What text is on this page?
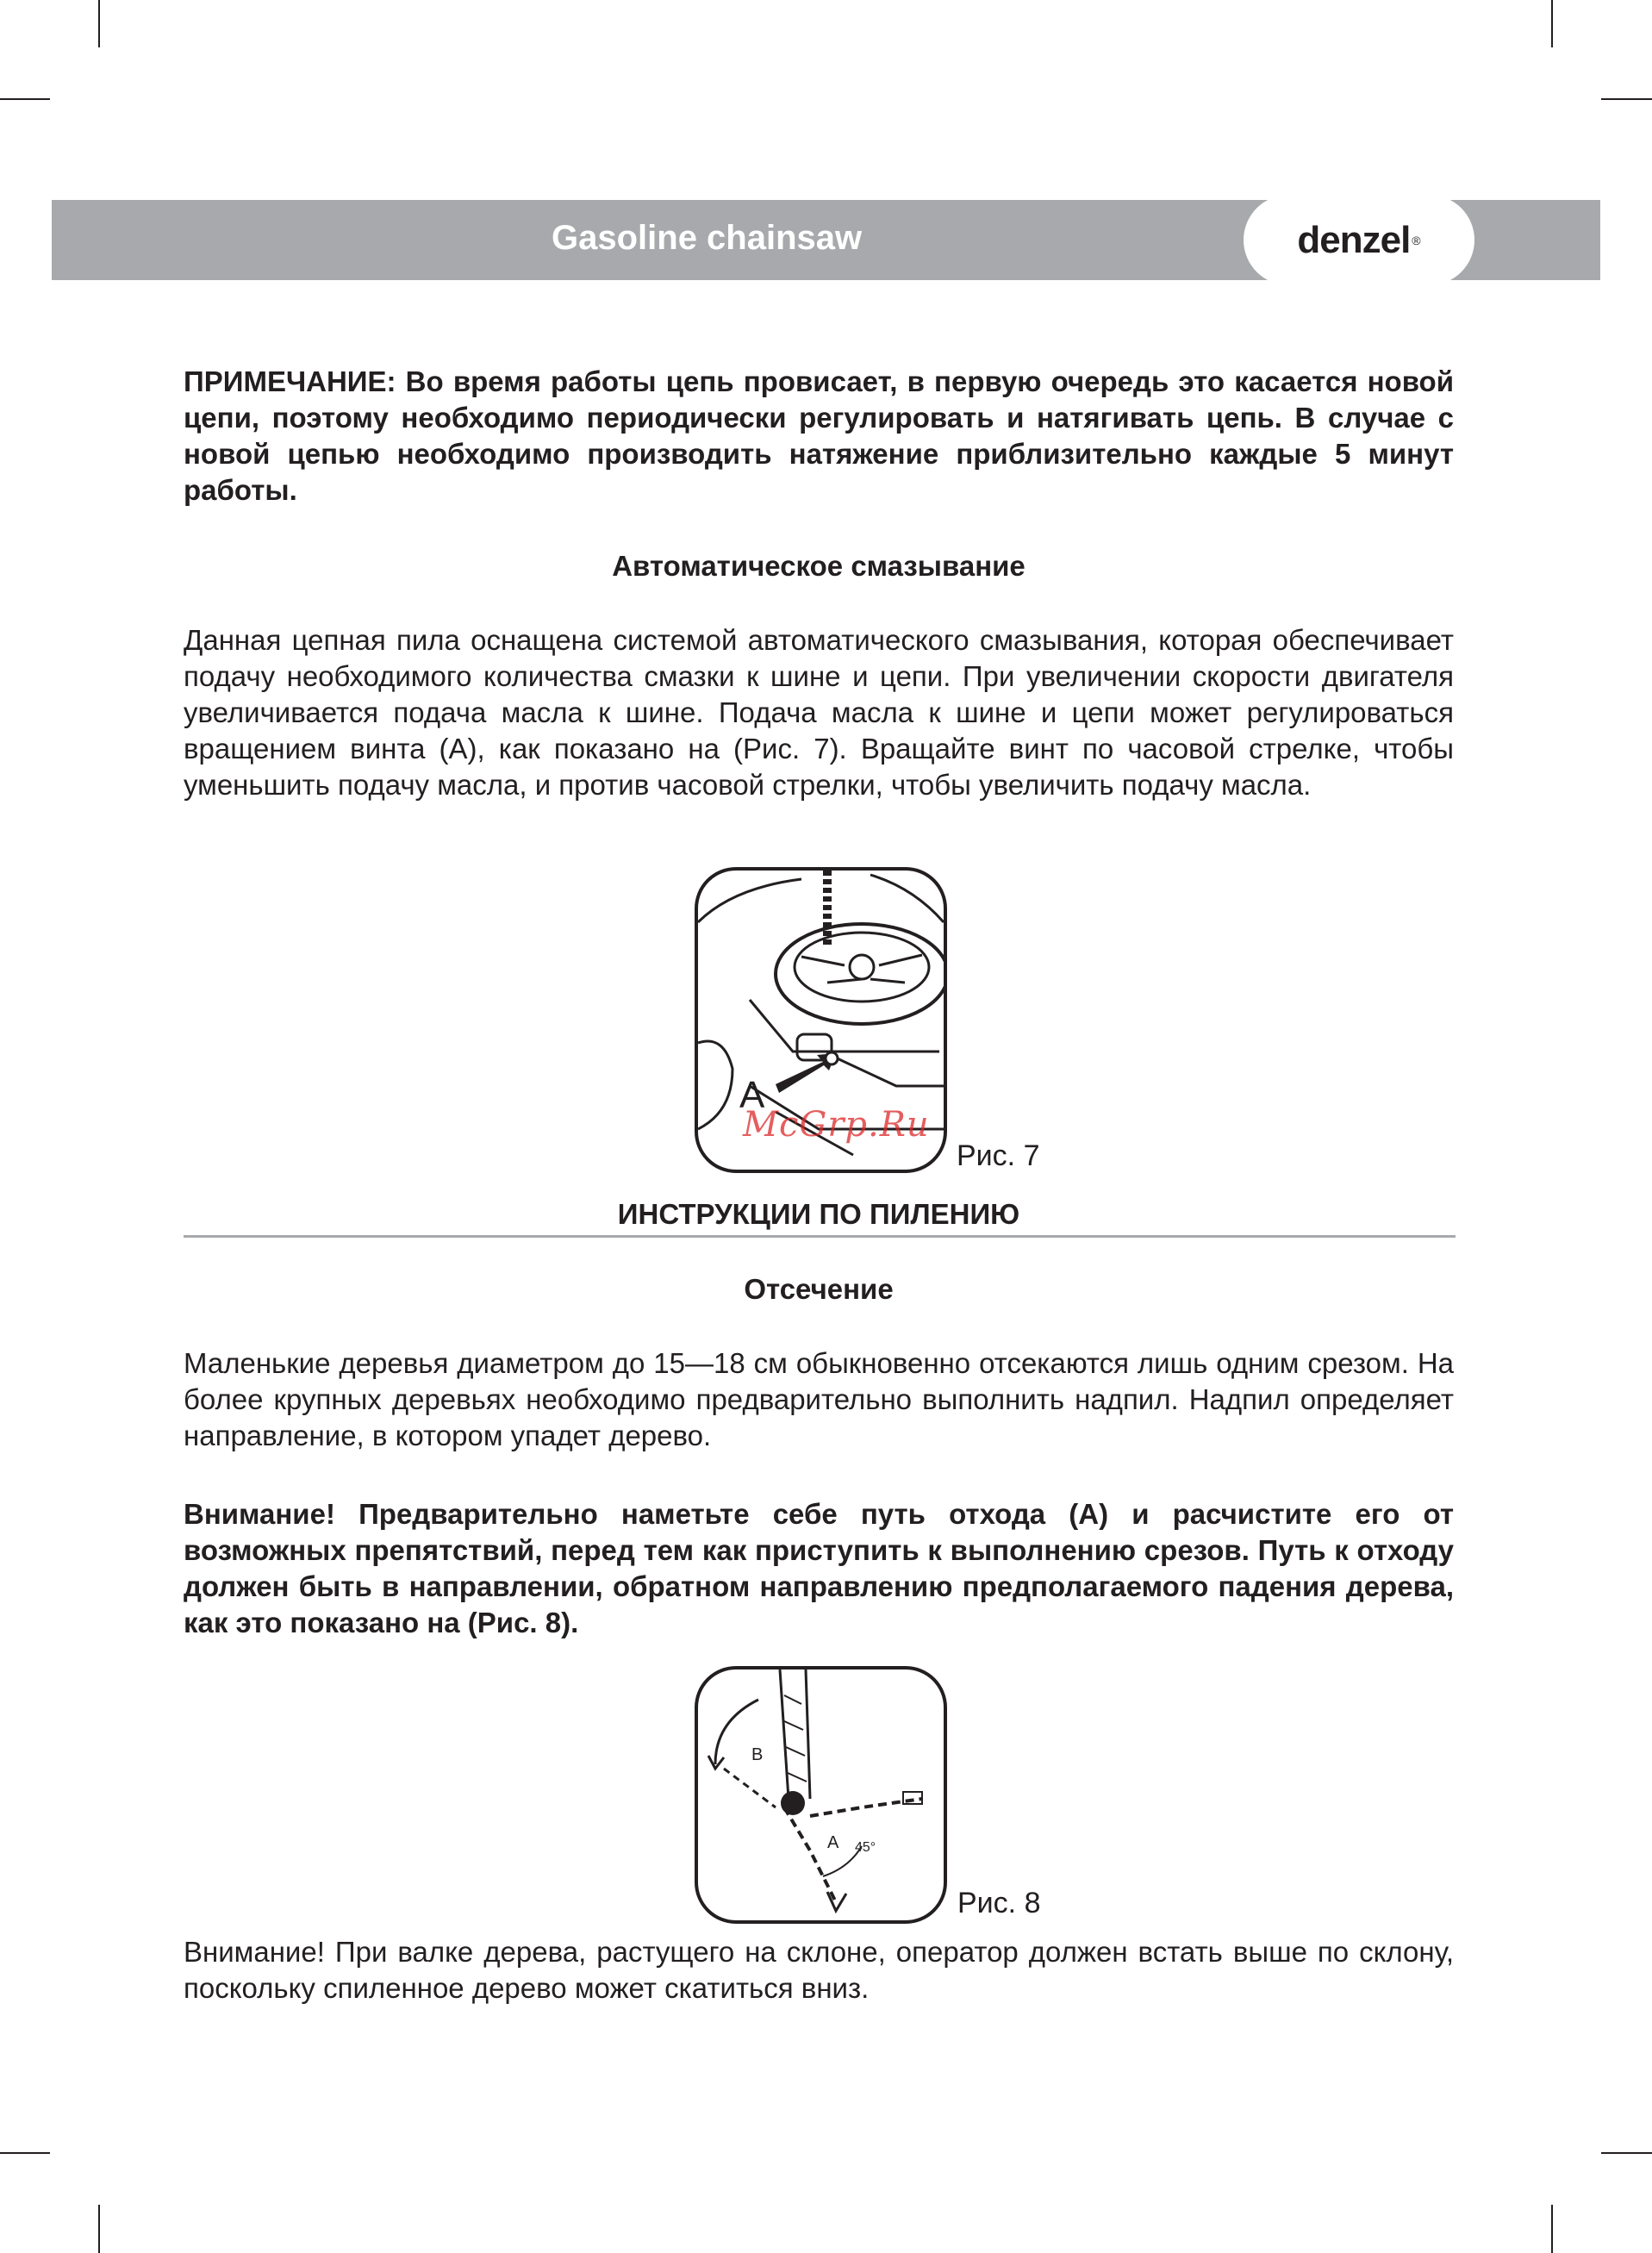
Gasoline chainsaw	denzel ®
ПРИМЕЧАНИЕ: Во время работы цепь провисает, в первую очередь это касается новой цепи, поэтому необходимо периодически регулировать и натягивать цепь. В случае с новой цепью необходимо производить натяжение приблизительно каждые 5 минут работы.
Автоматическое смазывание
Данная цепная пила оснащена системой автоматического смазывания, которая обеспечивает подачу необходимого количества смазки к шине и цепи. При увеличении скорости двигателя увеличивается подача масла к шине. Подача масла к шине и цепи может регулироваться вращением винта (А), как показано на (Рис. 7). Вращайте винт по часовой стрелке, чтобы уменьшить подачу масла, и против часовой стрелки, чтобы увеличить подачу масла.
A
McGrp.Ru
Рис. 7
ИНСТРУКЦИИ ПО ПИЛЕНИЮ
Отсечение
Маленькие деревья диаметром до 15—18 см обыкновенно отсекаются лишь одним срезом. На более крупных деревьях необходимо предварительно выполнить надпил. Надпил определяет направление, в котором упадет дерево.
Внимание! Предварительно наметьте себе путь отхода (А) и расчистите его от возможных препятствий, перед тем как приступить к выполнению срезов. Путь к отходу должен быть в направлении, обратном направлению предполагаемого падения дерева, как это показано на (Рис. 8).
B
A 45°
Рис. 8
Внимание! При валке дерева, растущего на склоне, оператор должен встать выше по склону, поскольку спиленное дерево может скатиться вниз.
